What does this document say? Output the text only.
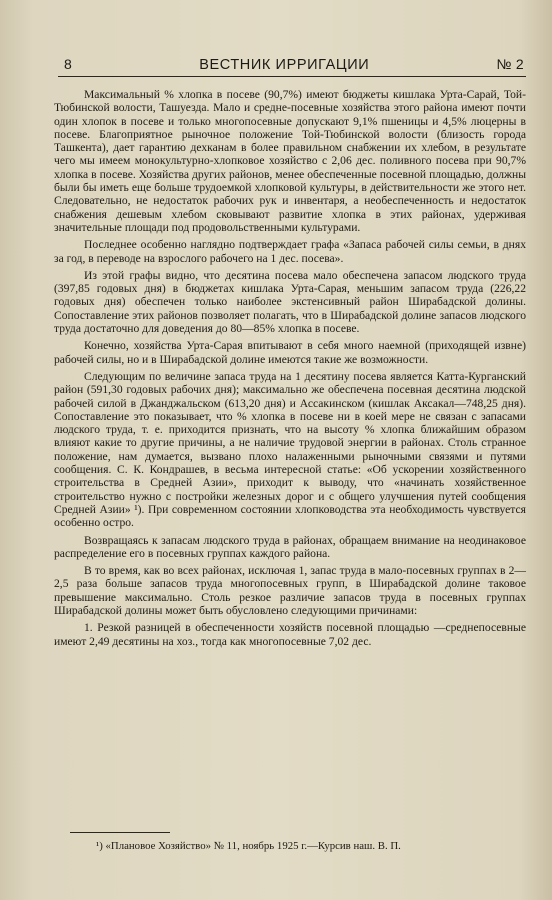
8	ВЕСТНИК ИРРИГАЦИИ	№ 2

Максимальный % хлопка в посеве (90,7%) имеют бюджеты кишлака Урта-Сарай, Той-Тюбинской волости, Ташуезда. Мало и средне-посевные хозяйства этого района имеют почти один хлопок в посеве и только многопосевные допускают 9,1% пшеницы и 4,5% люцерны в посеве. Благоприятное рыночное положение Той-Тюбинской волости (близость города Ташкента), дает гарантию дехканам в более правильном снабжении их хлебом, в результате чего мы имеем монокультурно-хлопковое хозяйство с 2,06 дес. поливного посева при 90,7% хлопка в посеве. Хозяйства других районов, менее обеспеченные посевной площадью, должны были бы иметь еще больше трудоемкой хлопковой культуры, в действительности же этого нет. Следовательно, не недостаток рабочих рук и инвентаря, а необеспеченность и недостаток снабжения дешевым хлебом сковывают развитие хлопка в этих районах, удерживая значительные площади под продовольственными культурами.

Последнее особенно наглядно подтверждает графа «Запаса рабочей силы семьи, в днях за год, в переводе на взрослого рабочего на 1 дес. посева».

Из этой графы видно, что десятина посева мало обеспечена запасом людского труда (397,85 годовых дня) в бюджетах кишлака Урта-Сарая, меньшим запасом труда (226,22 годовых дня) обеспечен только наиболее экстенсивный район Ширабадской долины. Сопоставление этих районов позволяет полагать, что в Ширабадской долине запасов людского труда достаточно для доведения до 80—85% хлопка в посеве.

Конечно, хозяйства Урта-Сарая впитывают в себя много наемной (приходящей извне) рабочей силы, но и в Ширабадской долине имеются такие же возможности.

Следующим по величине запаса труда на 1 десятину посева является Катта-Курганский район (591,30 годовых рабочих дня); максимально же обеспечена посевная десятина людской рабочей силой в Джанджальском (613,20 дня) и Ассакинском (кишлак Аксакал—748,25 дня). Сопоставление это показывает, что % хлопка в посеве ни в коей мере не связан с запасами людского труда, т. е. приходится признать, что на высоту % хлопка ближайшим образом влияют какие то другие причины, а не наличие трудовой энергии в районах. Столь странное положение, нам думается, вызвано плохо налаженными рыночными связями и путями сообщения. С. К. Кондрашев, в весьма интересной статье: «Об ускорении хозяйственного строительства в Средней Азии», приходит к выводу, что «начинать хозяйственное строительство нужно с постройки железных дорог и с общего улучшения путей сообщения Средней Азии» ¹). При современном состоянии хлопководства эта необходимость чувствуется особенно остро.

Возвращаясь к запасам людского труда в районах, обращаем внимание на неодинаковое распределение его в посевных группах каждого района.

В то время, как во всех районах, исключая 1, запас труда в мало-посевных группах в 2—2,5 раза больше запасов труда многопосевных групп, в Ширабадской долине таковое превышение максимально. Столь резкое различие запасов труда в посевных группах Ширабадской долины может быть обусловлено следующими причинами:

1. Резкой разницей в обеспеченности хозяйств посевной площадью —среднепосевные имеют 2,49 десятины на хоз., тогда как многопосевные 7,02 дес.

¹) «Плановое Хозяйство» № 11, ноябрь 1925 г.—Курсив наш. В. П.
